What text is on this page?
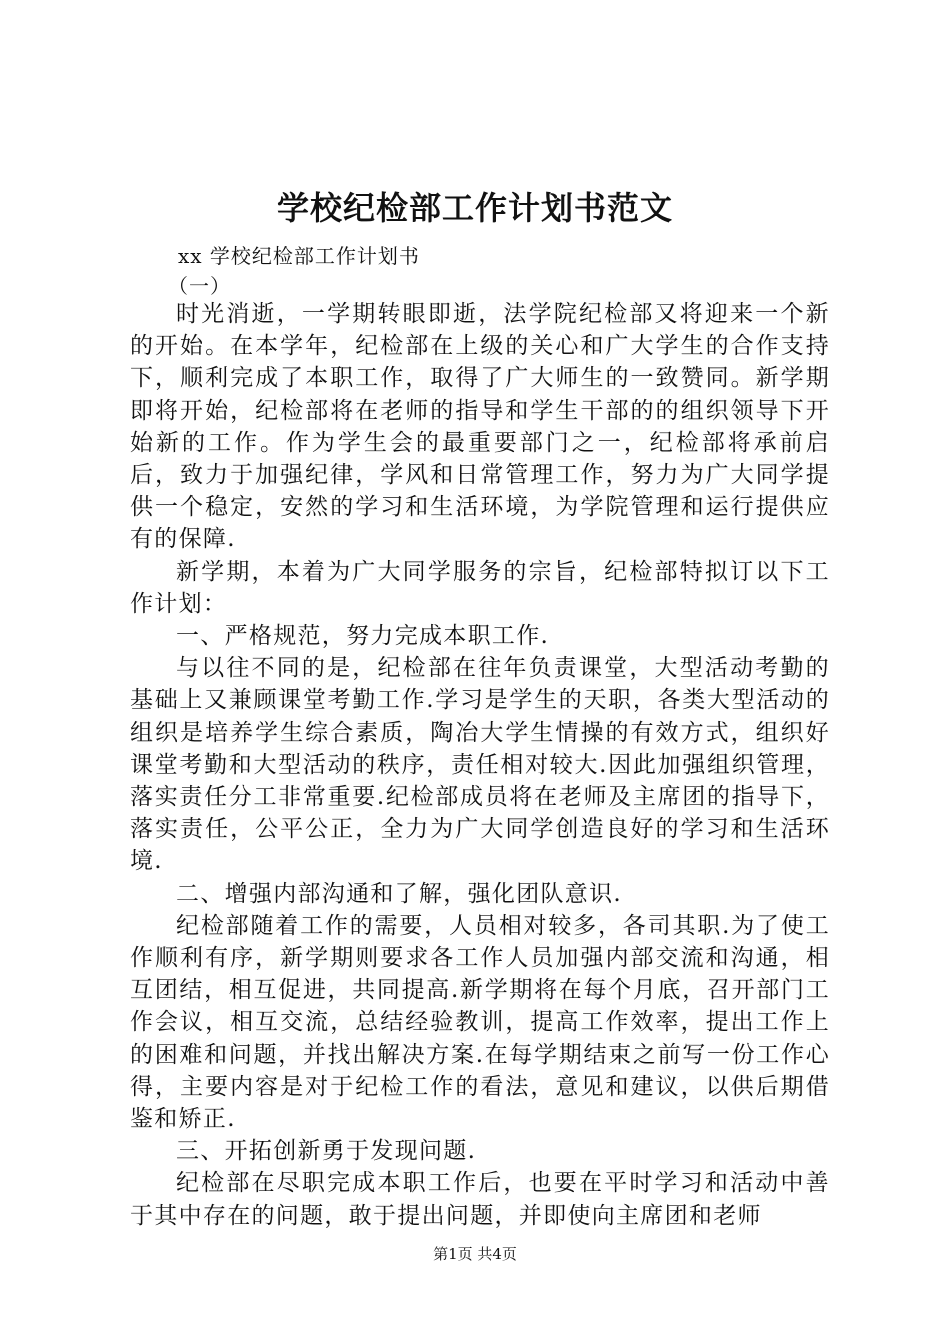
学校纪检部工作计划书范文
xx 学校纪检部工作计划书
（一）

时光消逝，一学期转眼即逝，法学院纪检部又将迎来一个新的开始。在本学年，纪检部在上级的关心和广大学生的合作支持下，顺利完成了本职工作，取得了广大师生的一致赞同。新学期即将开始，纪检部将在老师的指导和学生干部的的组织领导下开始新的工作。作为学生会的最重要部门之一，纪检部将承前启后，致力于加强纪律，学风和日常管理工作，努力为广大同学提供一个稳定，安然的学习和生活环境，为学院管理和运行提供应有的保障.

新学期，本着为广大同学服务的宗旨，纪检部特拟订以下工作计划：

一、严格规范，努力完成本职工作.

与以往不同的是，纪检部在往年负责课堂，大型活动考勤的基础上又兼顾课堂考勤工作.学习是学生的天职，各类大型活动的组织是培养学生综合素质，陶冶大学生情操的有效方式，组织好课堂考勤和大型活动的秩序，责任相对较大.因此加强组织管理，落实责任分工非常重要.纪检部成员将在老师及主席团的指导下，落实责任，公平公正，全力为广大同学创造良好的学习和生活环境.

二、增强内部沟通和了解，强化团队意识.

纪检部随着工作的需要，人员相对较多，各司其职.为了使工作顺利有序，新学期则要求各工作人员加强内部交流和沟通，相互团结，相互促进，共同提高.新学期将在每个月底，召开部门工作会议，相互交流，总结经验教训，提高工作效率，提出工作上的困难和问题，并找出解决方案.在每学期结束之前写一份工作心得，主要内容是对于纪检工作的看法，意见和建议，以供后期借鉴和矫正.

三、开拓创新勇于发现问题.

纪检部在尽职完成本职工作后，也要在平时学习和活动中善于其中存在的问题，敢于提出问题，并即使向主席团和老师

第1页 共4页
